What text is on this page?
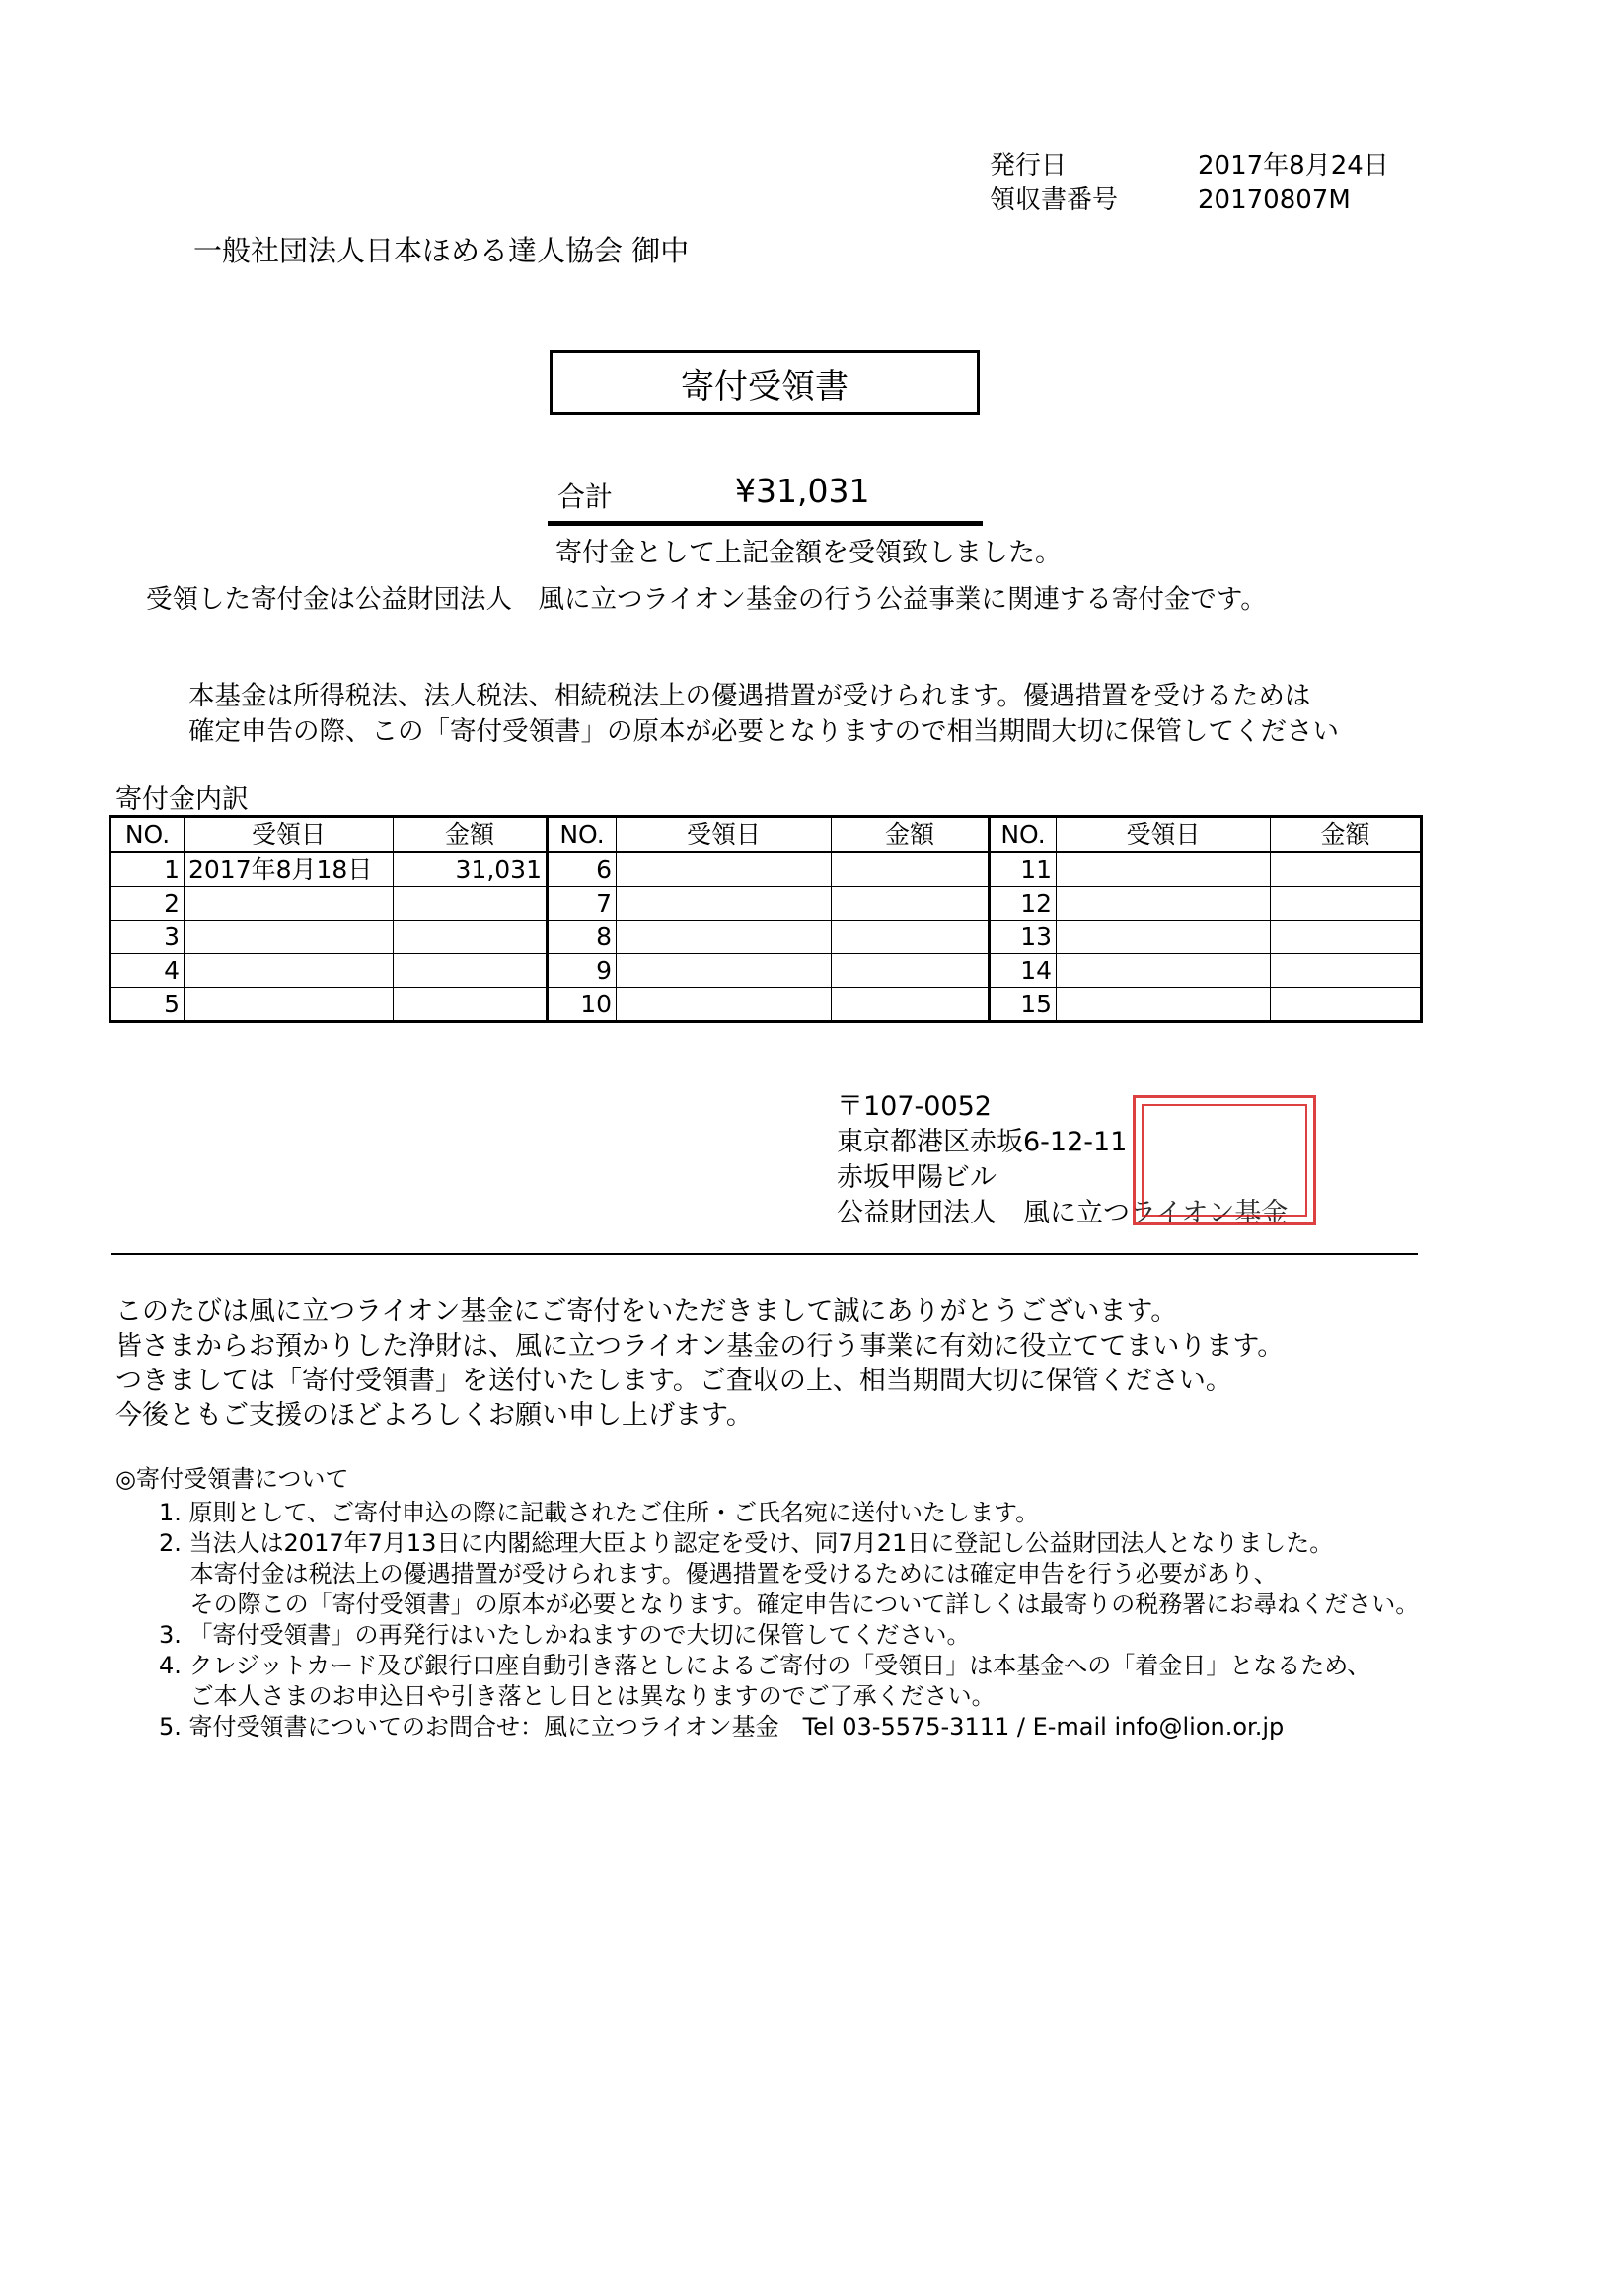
発行日	2017年8月24日
領収書番号	20170807M
一般社団法人日本ほめる達人協会 御中
寄付受領書
合計	¥31,031
寄付金として上記金額を受領致しました。
受領した寄付金は公益財団法人　風に立つライオン基金の行う公益事業に関連する寄付金です。
本基金は所得税法、法人税法、相続税法上の優遇措置が受けられます。優遇措置を受けるためは
確定申告の際、この「寄付受領書」の原本が必要となりますので相当期間大切に保管してください
寄付金内訳
NO.	受領日	金額	NO.	受領日	金額	NO.	受領日	金額
1	2017年8月18日	31,031	6			11		
2			7			12		
3			8			13		
4			9			14		
5			10			15		
〒107-0052
東京都港区赤坂6-12-11
赤坂甲陽ビル
公益財団法人　風に立つライオン基金
このたびは風に立つライオン基金にご寄付をいただきまして誠にありがとうございます。
皆さまからお預かりした浄財は、風に立つライオン基金の行う事業に有効に役立ててまいります。
つきましては「寄付受領書」を送付いたします。ご査収の上、相当期間大切に保管ください。
今後ともご支援のほどよろしくお願い申し上げます。
◎寄付受領書について
1. 原則として、ご寄付申込の際に記載されたご住所・ご氏名宛に送付いたします。
2. 当法人は2017年7月13日に内閣総理大臣より認定を受け、同7月21日に登記し公益財団法人となりました。
　 本寄付金は税法上の優遇措置が受けられます。優遇措置を受けるためには確定申告を行う必要があり、
　 その際この「寄付受領書」の原本が必要となります。確定申告について詳しくは最寄りの税務署にお尋ねください。
3. 「寄付受領書」の再発行はいたしかねますので大切に保管してください。
4. クレジットカード及び銀行口座自動引き落としによるご寄付の「受領日」は本基金への「着金日」となるため、
　 ご本人さまのお申込日や引き落とし日とは異なりますのでご了承ください。
5. 寄付受領書についてのお問合せ：風に立つライオン基金　Tel 03-5575-3111 / E-mail info@lion.or.jp
